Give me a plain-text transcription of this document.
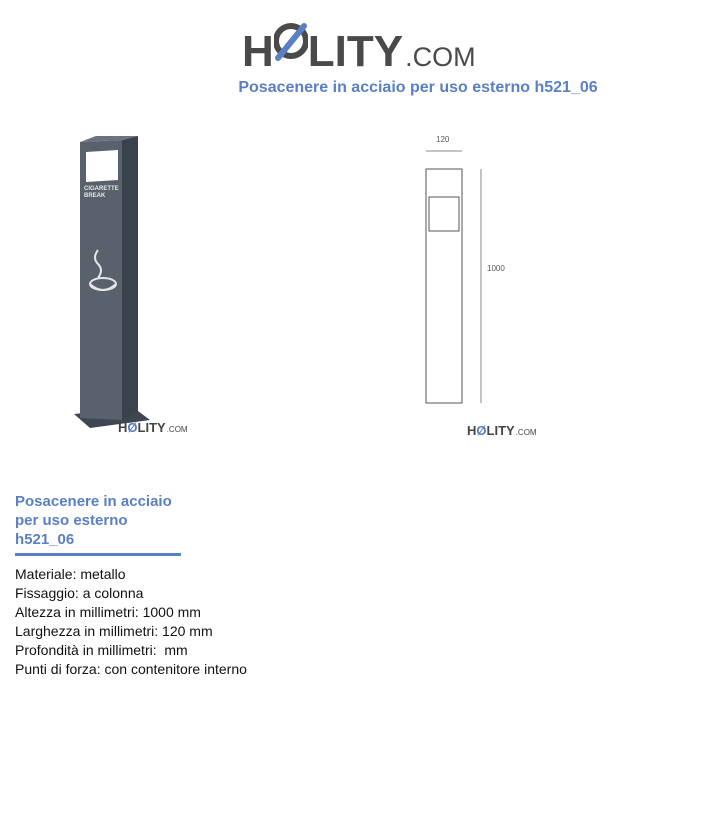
H LITY .COM
Posacenere in acciaio per uso esterno h521_06
CIGARETTE
BREAK
HØLITY .COM
120
1000
HØLITY .COM
Posacenere in acciaio
per uso esterno
h521_06
Materiale: metallo
Fissaggio: a colonna
Altezza in millimetri: 1000 mm
Larghezza in millimetri: 120 mm
Profondità in millimetri:  mm
Punti di forza: con contenitore interno
